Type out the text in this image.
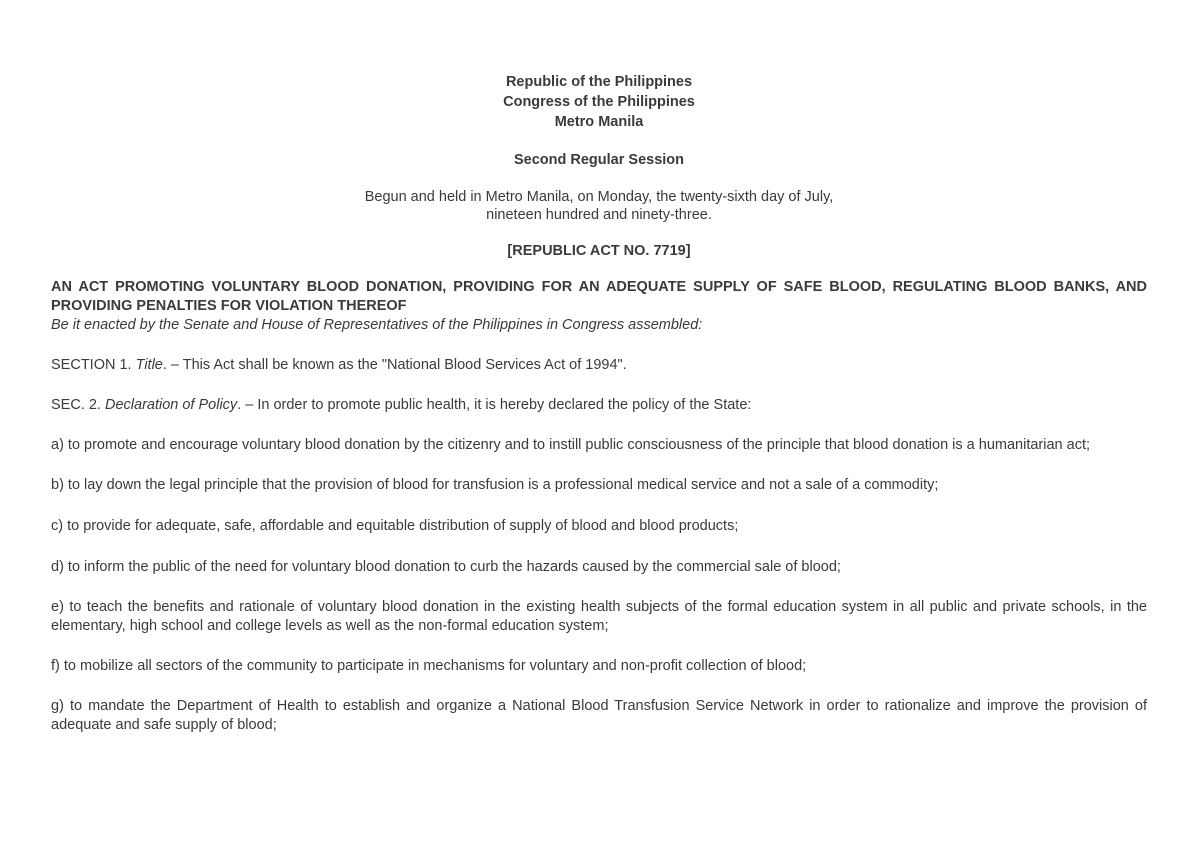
Republic of the Philippines
Congress of the Philippines
Metro Manila
Second Regular Session
Begun and held in Metro Manila, on Monday, the twenty-sixth day of July,
nineteen hundred and ninety-three.
[REPUBLIC ACT NO. 7719]
AN ACT PROMOTING VOLUNTARY BLOOD DONATION, PROVIDING FOR AN ADEQUATE SUPPLY OF SAFE BLOOD, REGULATING BLOOD BANKS, AND PROVIDING PENALTIES FOR VIOLATION THEREOF

Be it enacted by the Senate and House of Representatives of the Philippines in Congress assembled:

SECTION 1. Title. – This Act shall be known as the "National Blood Services Act of 1994".

SEC. 2. Declaration of Policy. – In order to promote public health, it is hereby declared the policy of the State:

a) to promote and encourage voluntary blood donation by the citizenry and to instill public consciousness of the principle that blood donation is a humanitarian act;

b) to lay down the legal principle that the provision of blood for transfusion is a professional medical service and not a sale of a commodity;

c) to provide for adequate, safe, affordable and equitable distribution of supply of blood and blood products;

d) to inform the public of the need for voluntary blood donation to curb the hazards caused by the commercial sale of blood;

e) to teach the benefits and rationale of voluntary blood donation in the existing health subjects of the formal education system in all public and private schools, in the elementary, high school and college levels as well as the non-formal education system;

f) to mobilize all sectors of the community to participate in mechanisms for voluntary and non-profit collection of blood;

g) to mandate the Department of Health to establish and organize a National Blood Transfusion Service Network in order to rationalize and improve the provision of adequate and safe supply of blood;
